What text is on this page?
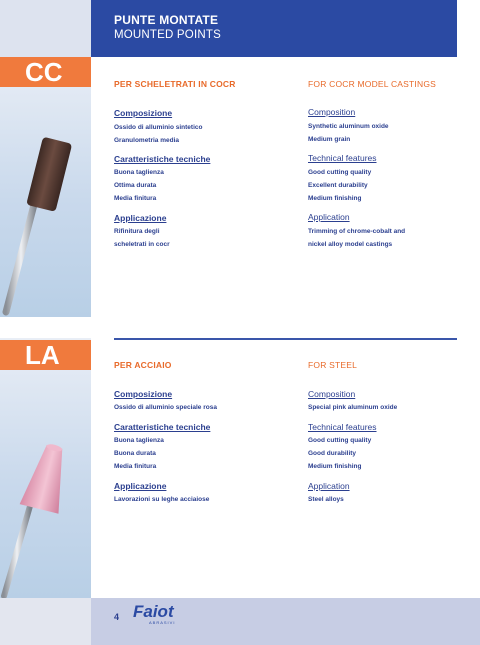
PUNTE MONTATE
MOUNTED POINTS
CC	PER SCHELETRATI IN COCR	FOR COCR MODEL CASTINGS
Composizione
Ossido di alluminio sintetico
Granulometria media
Caratteristiche tecniche
Buona taglienza
Ottima durata
Media finitura
Applicazione
Rifinitura degli
scheletrati in cocr
Composition
Synthetic aluminum oxide
Medium grain
Technical features
Good cutting quality
Excellent durability
Medium finishing
Application
Trimming of chrome-cobalt and
nickel alloy model castings
LA	PER ACCIAIO	FOR STEEL
Composizione
Ossido di alluminio speciale rosa
Caratteristiche tecniche
Buona taglienza
Buona durata
Media finitura
Applicazione
Lavorazioni su leghe acciaiose
Composition
Special pink aluminum oxide
Technical features
Good cutting quality
Good durability
Medium finishing
Application
Steel alloys
4 Faiot
ABRASIVI
